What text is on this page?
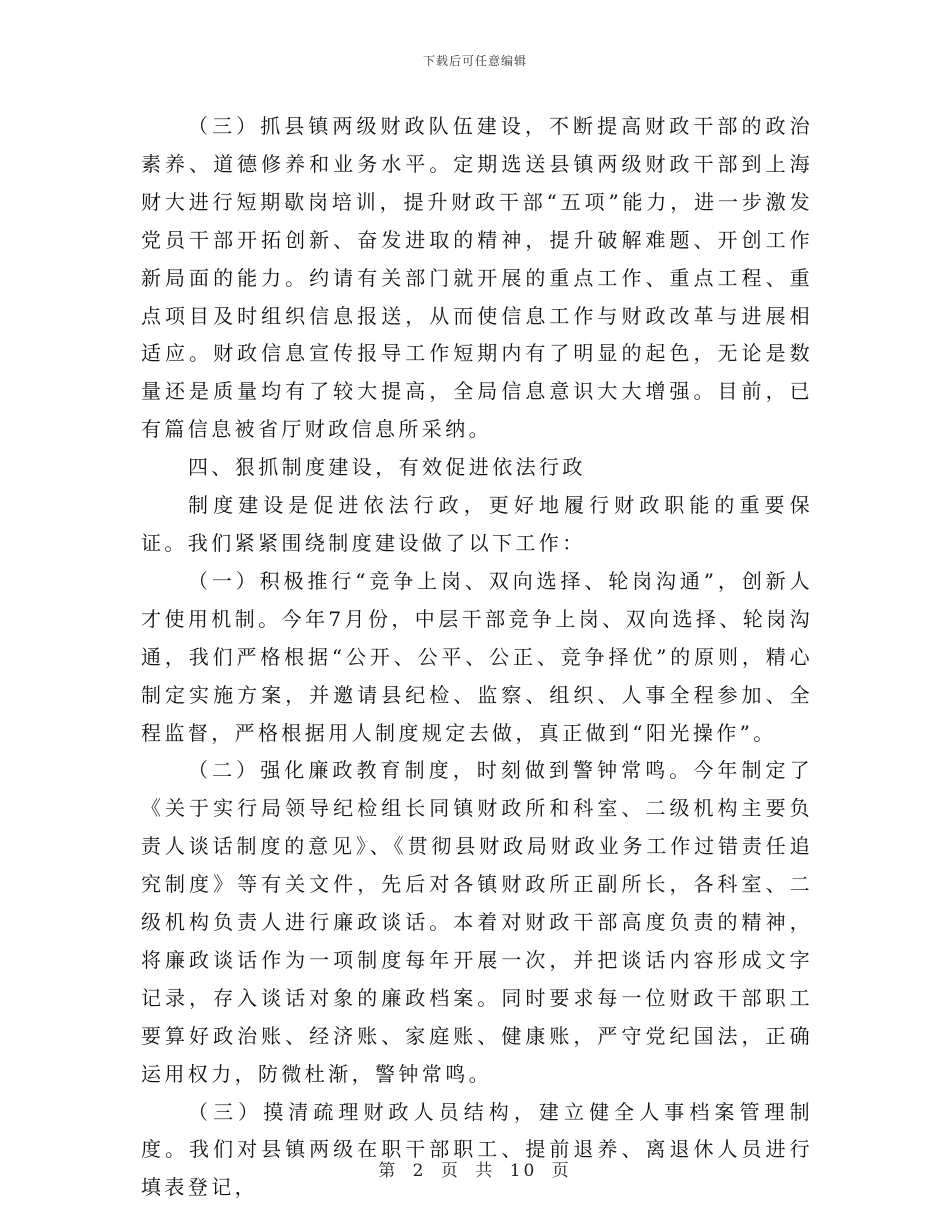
下载后可任意编辑

（三）抓县镇两级财政队伍建设，不断提高财政干部的政治素养、道德修养和业务水平。定期选送县镇两级财政干部到上海财大进行短期歇岗培训，提升财政干部“五项”能力，进一步激发党员干部开拓创新、奋发进取的精神，提升破解难题、开创工作新局面的能力。约请有关部门就开展的重点工作、重点工程、重点项目及时组织信息报送，从而使信息工作与财政改革与进展相适应。财政信息宣传报导工作短期内有了明显的起色，无论是数量还是质量均有了较大提高，全局信息意识大大增强。目前，已有篇信息被省厅财政信息所采纳。

四、狠抓制度建设，有效促进依法行政

制度建设是促进依法行政，更好地履行财政职能的重要保证。我们紧紧围绕制度建设做了以下工作：

（一）积极推行“竞争上岗、双向选择、轮岗沟通”，创新人才使用机制。今年7月份，中层干部竞争上岗、双向选择、轮岗沟通，我们严格根据“公开、公平、公正、竞争择优”的原则，精心制定实施方案，并邀请县纪检、监察、组织、人事全程参加、全程监督，严格根据用人制度规定去做，真正做到“阳光操作”。

（二）强化廉政教育制度，时刻做到警钟常鸣。今年制定了《关于实行局领导纪检组长同镇财政所和科室、二级机构主要负责人谈话制度的意见》、《贯彻县财政局财政业务工作过错责任追究制度》等有关文件，先后对各镇财政所正副所长，各科室、二级机构负责人进行廉政谈话。本着对财政干部高度负责的精神，将廉政谈话作为一项制度每年开展一次，并把谈话内容形成文字记录，存入谈话对象的廉政档案。同时要求每一位财政干部职工要算好政治账、经济账、家庭账、健康账，严守党纪国法，正确运用权力，防微杜渐，警钟常鸣。

（三）摸清疏理财政人员结构，建立健全人事档案管理制度。我们对县镇两级在职干部职工、提前退养、离退休人员进行填表登记，

第 2 页 共 10 页
